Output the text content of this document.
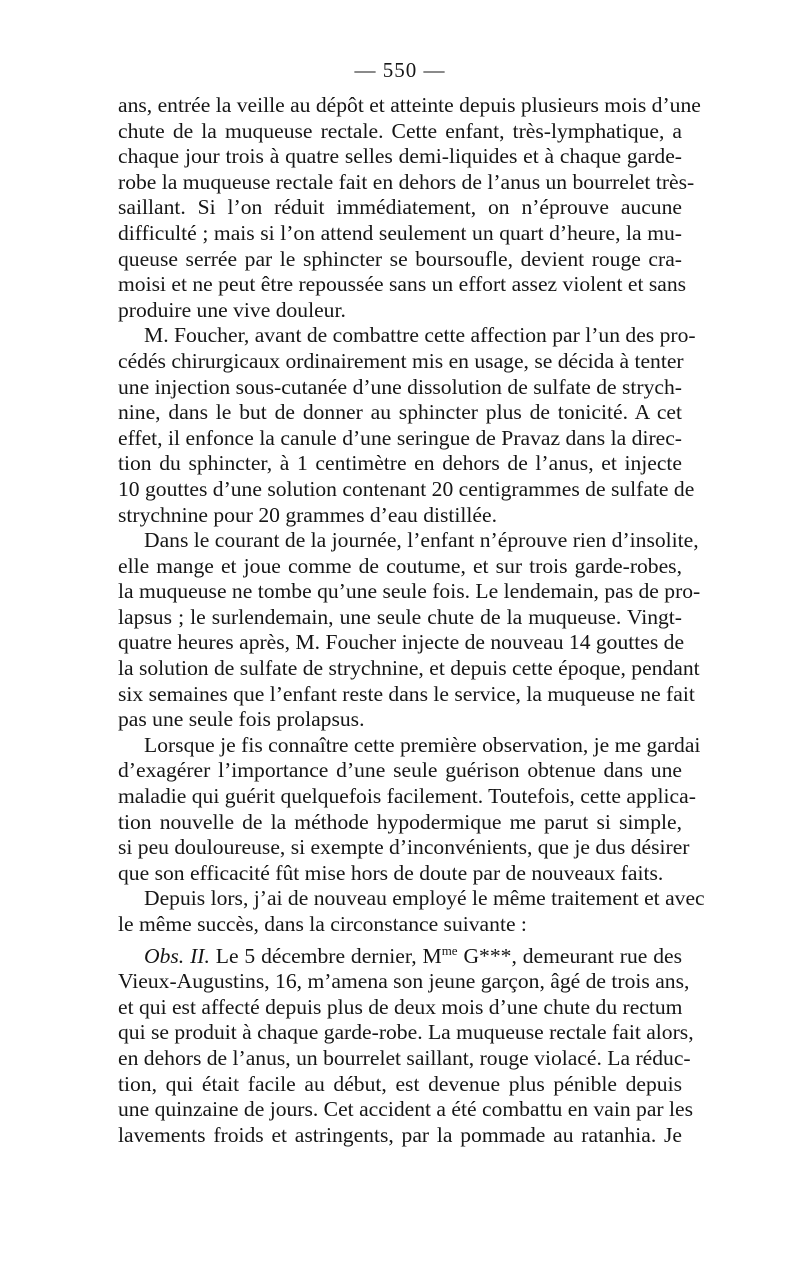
— 550 —
ans, entrée la veille au dépôt et atteinte depuis plusieurs mois d’une
chute de la muqueuse rectale. Cette enfant, très-lymphatique, a
chaque jour trois à quatre selles demi-liquides et à chaque garde-
robe la muqueuse rectale fait en dehors de l’anus un bourrelet très-
saillant. Si l’on réduit immédiatement, on n’éprouve aucune
difficulté ; mais si l’on attend seulement un quart d’heure, la mu-
queuse serrée par le sphincter se boursoufle, devient rouge cra-
moisi et ne peut être repoussée sans un effort assez violent et sans
produire une vive douleur.
M. Foucher, avant de combattre cette affection par l’un des pro-
cédés chirurgicaux ordinairement mis en usage, se décida à tenter
une injection sous-cutanée d’une dissolution de sulfate de strych-
nine, dans le but de donner au sphincter plus de tonicité. A cet
effet, il enfonce la canule d’une seringue de Pravaz dans la direc-
tion du sphincter, à 1 centimètre en dehors de l’anus, et injecte
10 gouttes d’une solution contenant 20 centigrammes de sulfate de
strychnine pour 20 grammes d’eau distillée.
Dans le courant de la journée, l’enfant n’éprouve rien d’insolite,
elle mange et joue comme de coutume, et sur trois garde-robes,
la muqueuse ne tombe qu’une seule fois. Le lendemain, pas de pro-
lapsus ; le surlendemain, une seule chute de la muqueuse. Vingt-
quatre heures après, M. Foucher injecte de nouveau 14 gouttes de
la solution de sulfate de strychnine, et depuis cette époque, pendant
six semaines que l’enfant reste dans le service, la muqueuse ne fait
pas une seule fois prolapsus.
Lorsque je fis connaître cette première observation, je me gardai
d’exagérer l’importance d’une seule guérison obtenue dans une
maladie qui guérit quelquefois facilement. Toutefois, cette applica-
tion nouvelle de la méthode hypodermique me parut si simple,
si peu douloureuse, si exempte d’inconvénients, que je dus désirer
que son efficacité fût mise hors de doute par de nouveaux faits.
Depuis lors, j’ai de nouveau employé le même traitement et avec
le même succès, dans la circonstance suivante :
Obs. II. Le 5 décembre dernier, $M^{me}$ G***, demeurant rue des
Vieux-Augustins, 16, m’amena son jeune garçon, âgé de trois ans,
et qui est affecté depuis plus de deux mois d’une chute du rectum
qui se produit à chaque garde-robe. La muqueuse rectale fait alors,
en dehors de l’anus, un bourrelet saillant, rouge violacé. La réduc-
tion, qui était facile au début, est devenue plus pénible depuis
une quinzaine de jours. Cet accident a été combattu en vain par les
lavements froids et astringents, par la pommade au ratanhia. Je
